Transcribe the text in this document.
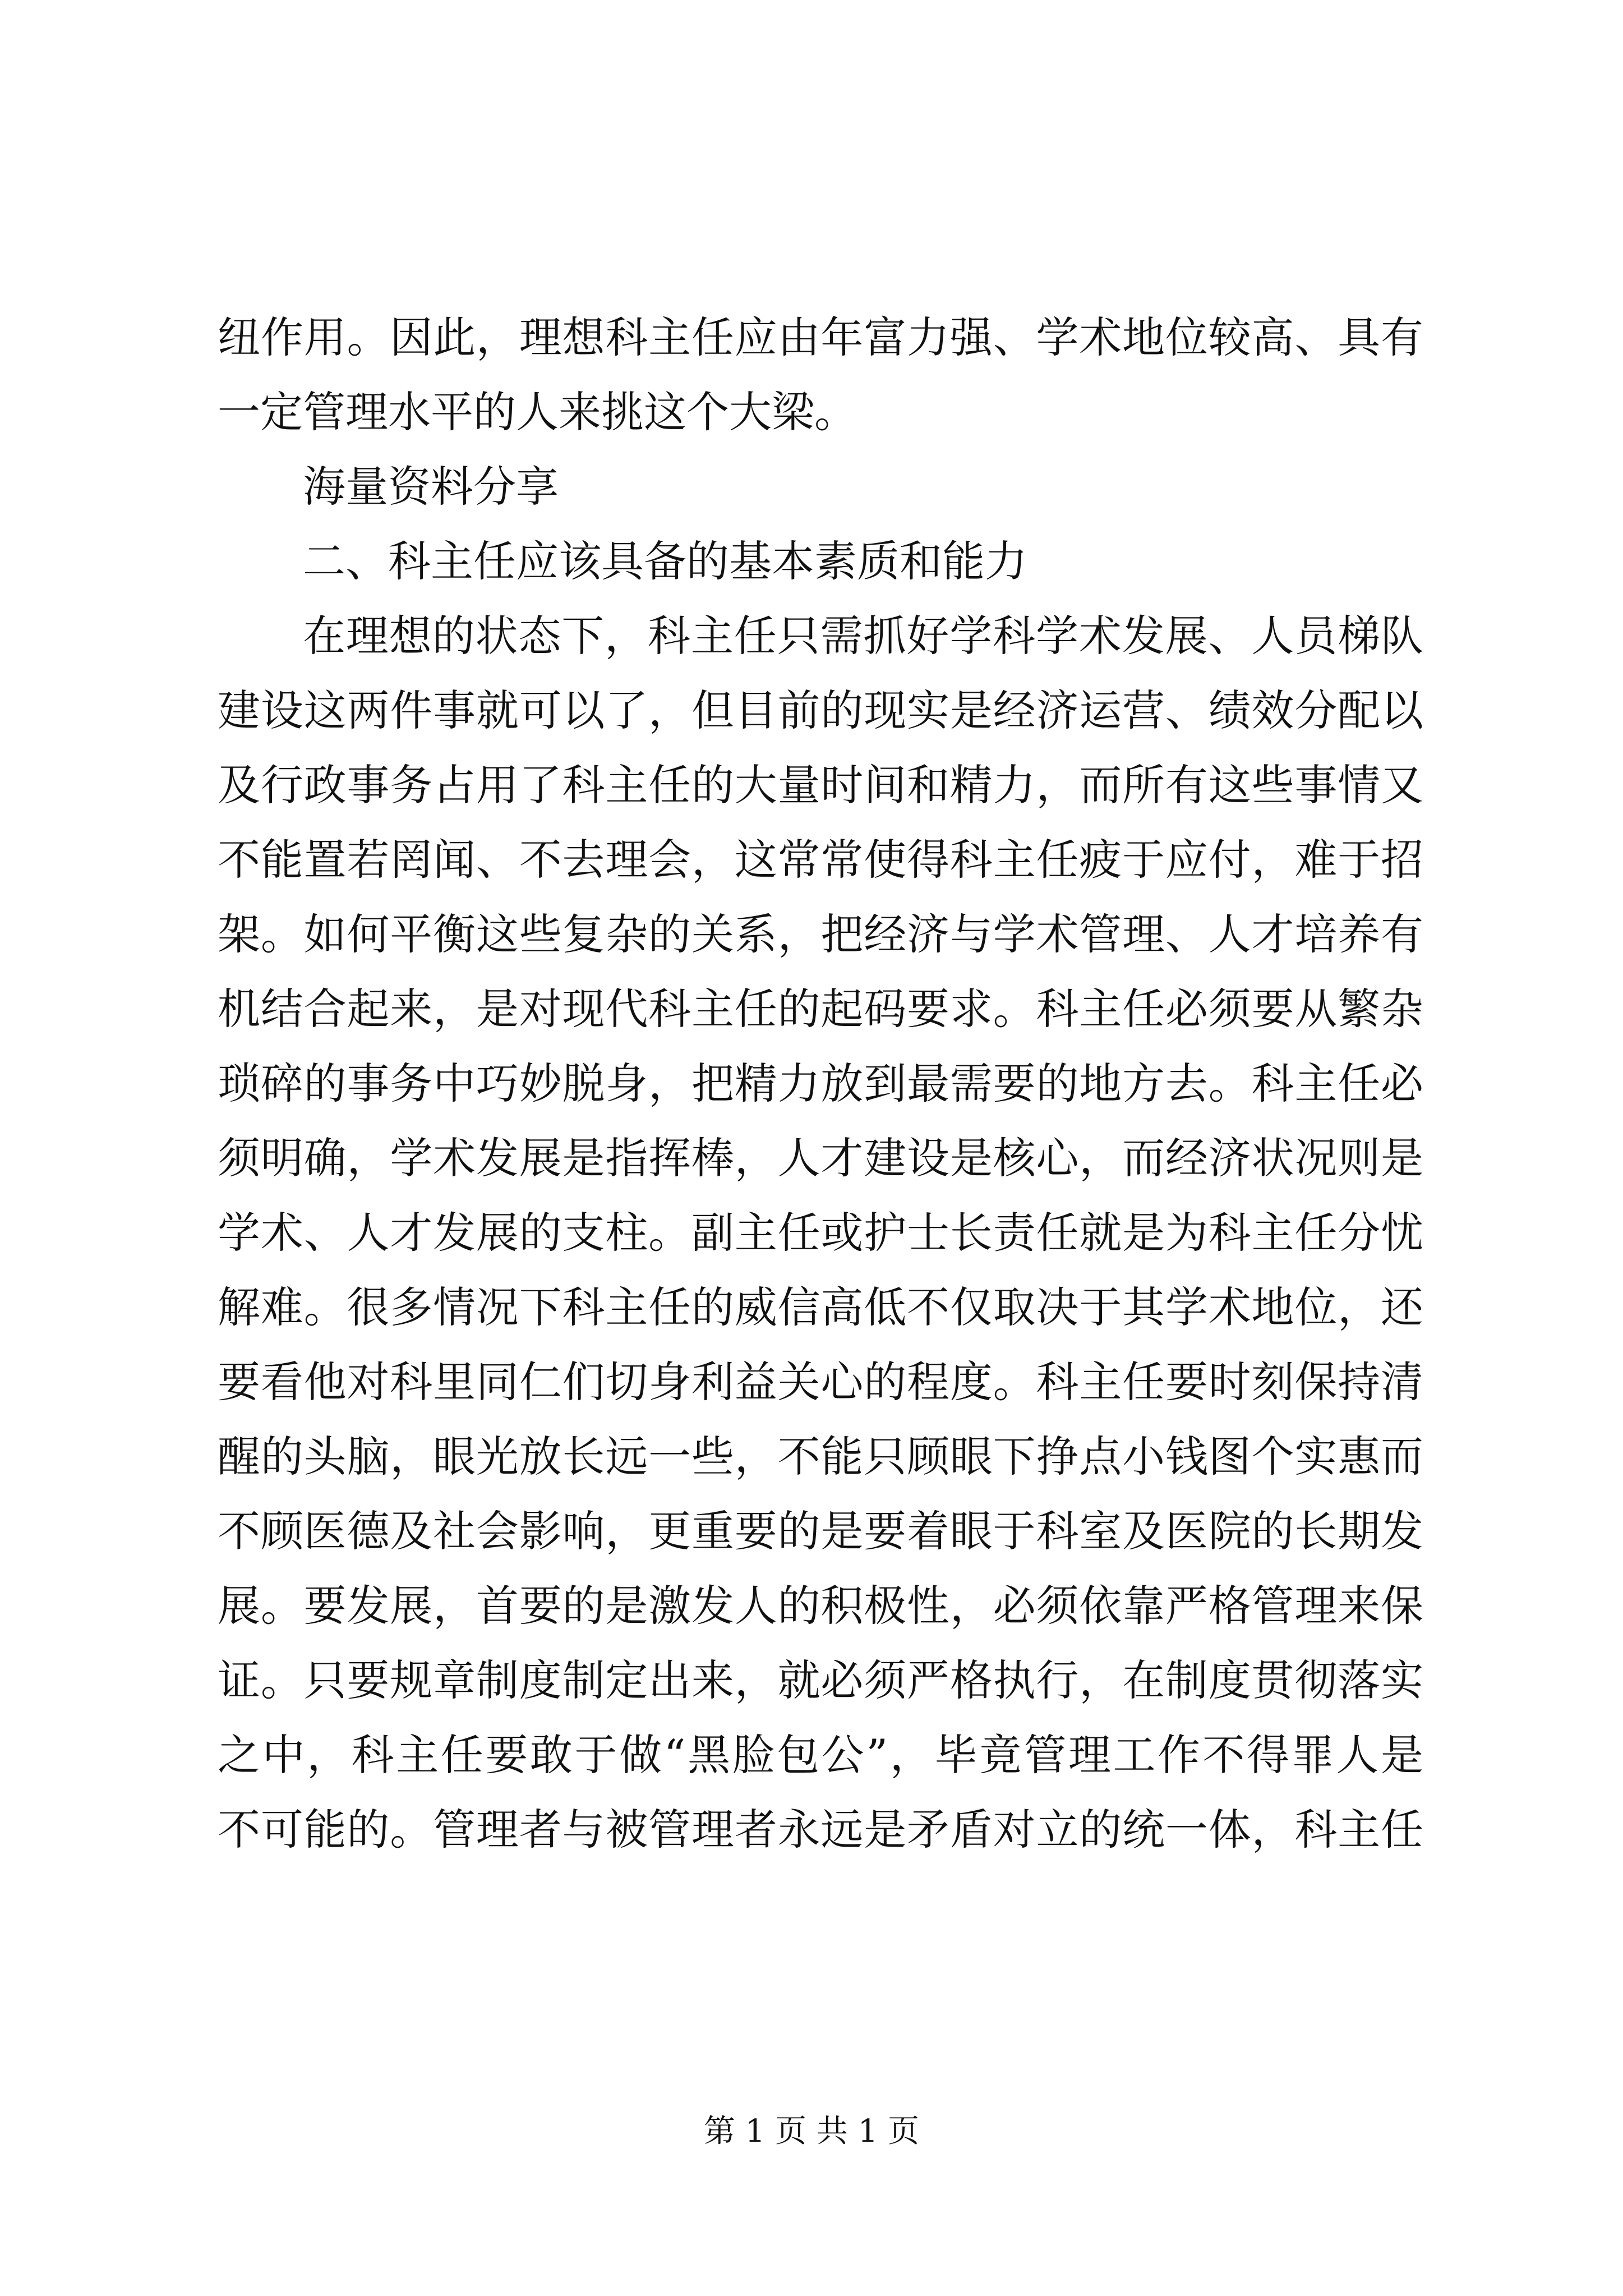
纽作用。因此，理想科主任应由年富力强、学术地位较高、具有
一定管理水平的人来挑这个大梁。
海量资料分享
二、科主任应该具备的基本素质和能力
在理想的状态下，科主任只需抓好学科学术发展、人员梯队
建设这两件事就可以了，但目前的现实是经济运营、绩效分配以
及行政事务占用了科主任的大量时间和精力，而所有这些事情又
不能置若罔闻、不去理会，这常常使得科主任疲于应付，难于招
架。如何平衡这些复杂的关系，把经济与学术管理、人才培养有
机结合起来，是对现代科主任的起码要求。科主任必须要从繁杂
琐碎的事务中巧妙脱身，把精力放到最需要的地方去。科主任必
须明确，学术发展是指挥棒，人才建设是核心，而经济状况则是
学术、人才发展的支柱。副主任或护士长责任就是为科主任分忧
解难。很多情况下科主任的威信高低不仅取决于其学术地位，还
要看他对科里同仁们切身利益关心的程度。科主任要时刻保持清
醒的头脑，眼光放长远一些，不能只顾眼下挣点小钱图个实惠而
不顾医德及社会影响，更重要的是要着眼于科室及医院的长期发
展。要发展，首要的是激发人的积极性，必须依靠严格管理来保
证。只要规章制度制定出来，就必须严格执行，在制度贯彻落实
之中，科主任要敢于做“黑脸包公”，毕竟管理工作不得罪人是
不可能的。管理者与被管理者永远是矛盾对立的统一体，科主任
第 1 页 共 1 页
